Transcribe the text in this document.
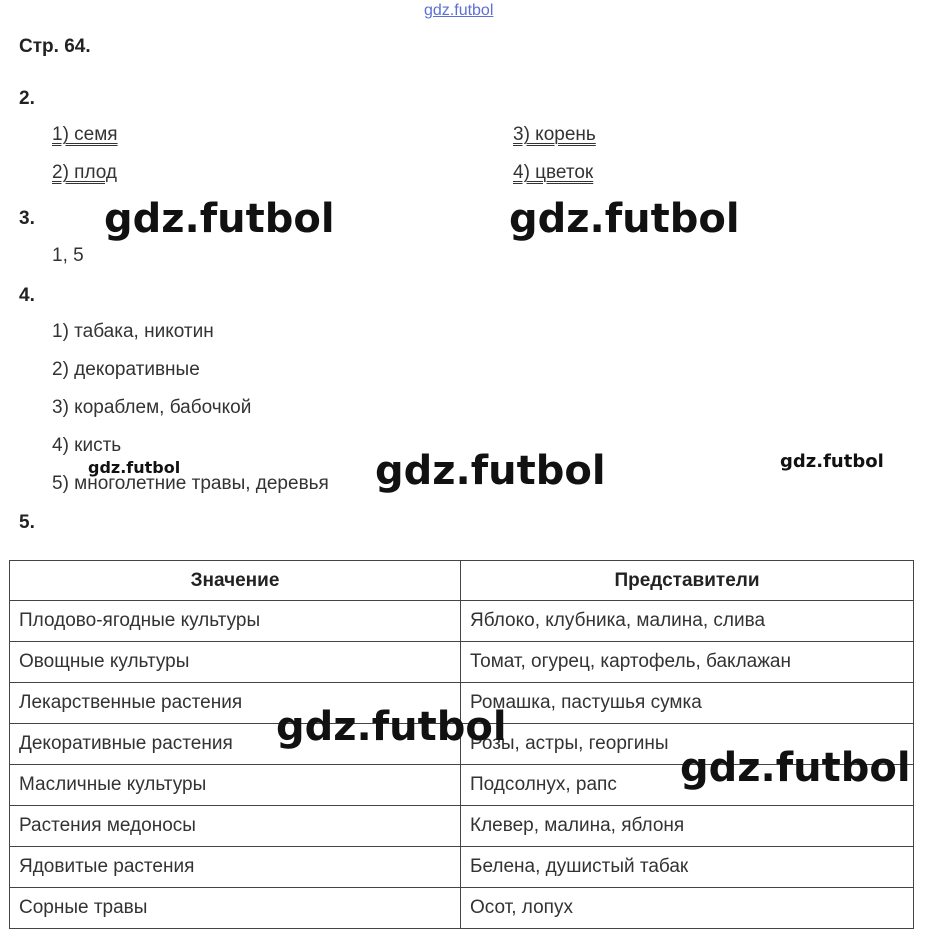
gdz.futbol
Стр. 64.
2.
1) семя
2) плод
3) корень
4) цветок
3.
1, 5
4.
1) табака, никотин
2) декоративные
3) кораблем, бабочкой
4) кисть
5) многолетние травы, деревья
5.
Значение	Представители
Плодово-ягодные культуры	Яблоко, клубника, малина, слива
Овощные культуры	Томат, огурец, картофель, баклажан
Лекарственные растения	Ромашка, пастушья сумка
Декоративные растения	Розы, астры, георгины
Масличные культуры	Подсолнух, рапс
Растения медоносы	Клевер, малина, яблоня
Ядовитые растения	Белена, душистый табак
Сорные травы	Осот, лопух
gdz.futbol	gdz.futbol
gdz.futbol	gdz.futbol	gdz.futbol
gdz.futbol
gdz.futbol
